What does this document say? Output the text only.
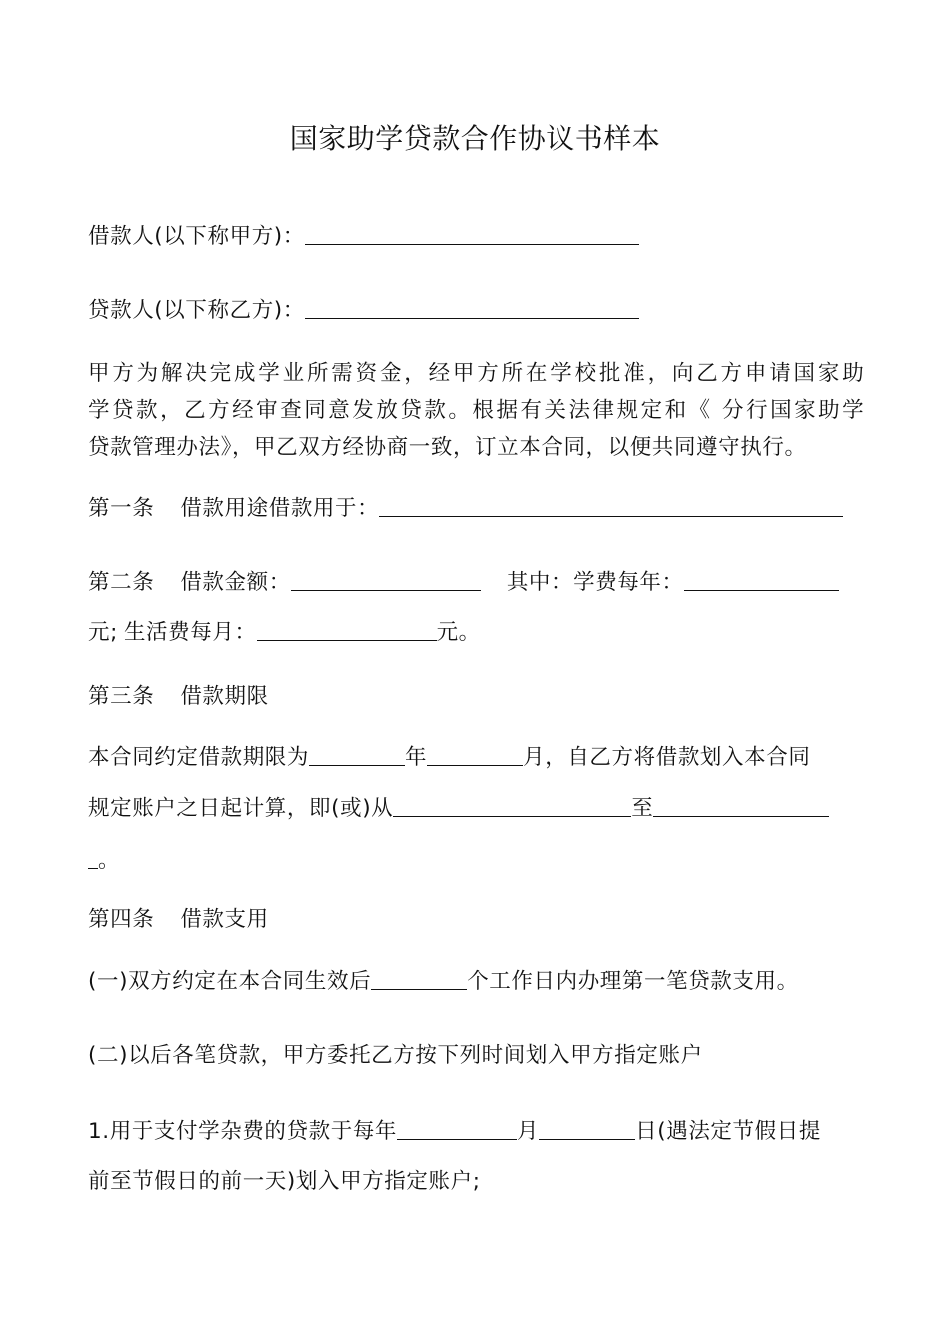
国家助学贷款合作协议书样本
借款人(以下称甲方)：
贷款人(以下称乙方)：
甲方为解决完成学业所需资金，经甲方所在学校批准，向乙方申请国家助
学贷款，乙方经审查同意发放贷款。根据有关法律规定和《 分行国家助学
贷款管理办法》，甲乙双方经协商一致，订立本合同，以便共同遵守执行。
第一条 借款用途借款用于：
第二条 借款金额：	其中：学费每年：
元; 生活费每月：	元。
第三条 借款期限
本合同约定借款期限为	年	月，自乙方将借款划入本合同
规定账户之日起计算，即(或)从	至
。
第四条 借款支用
(一)双方约定在本合同生效后	个工作日内办理第一笔贷款支用。
(二)以后各笔贷款，甲方委托乙方按下列时间划入甲方指定账户
1.用于支付学杂费的贷款于每年	月	日(遇法定节假日提
前至节假日的前一天)划入甲方指定账户;
